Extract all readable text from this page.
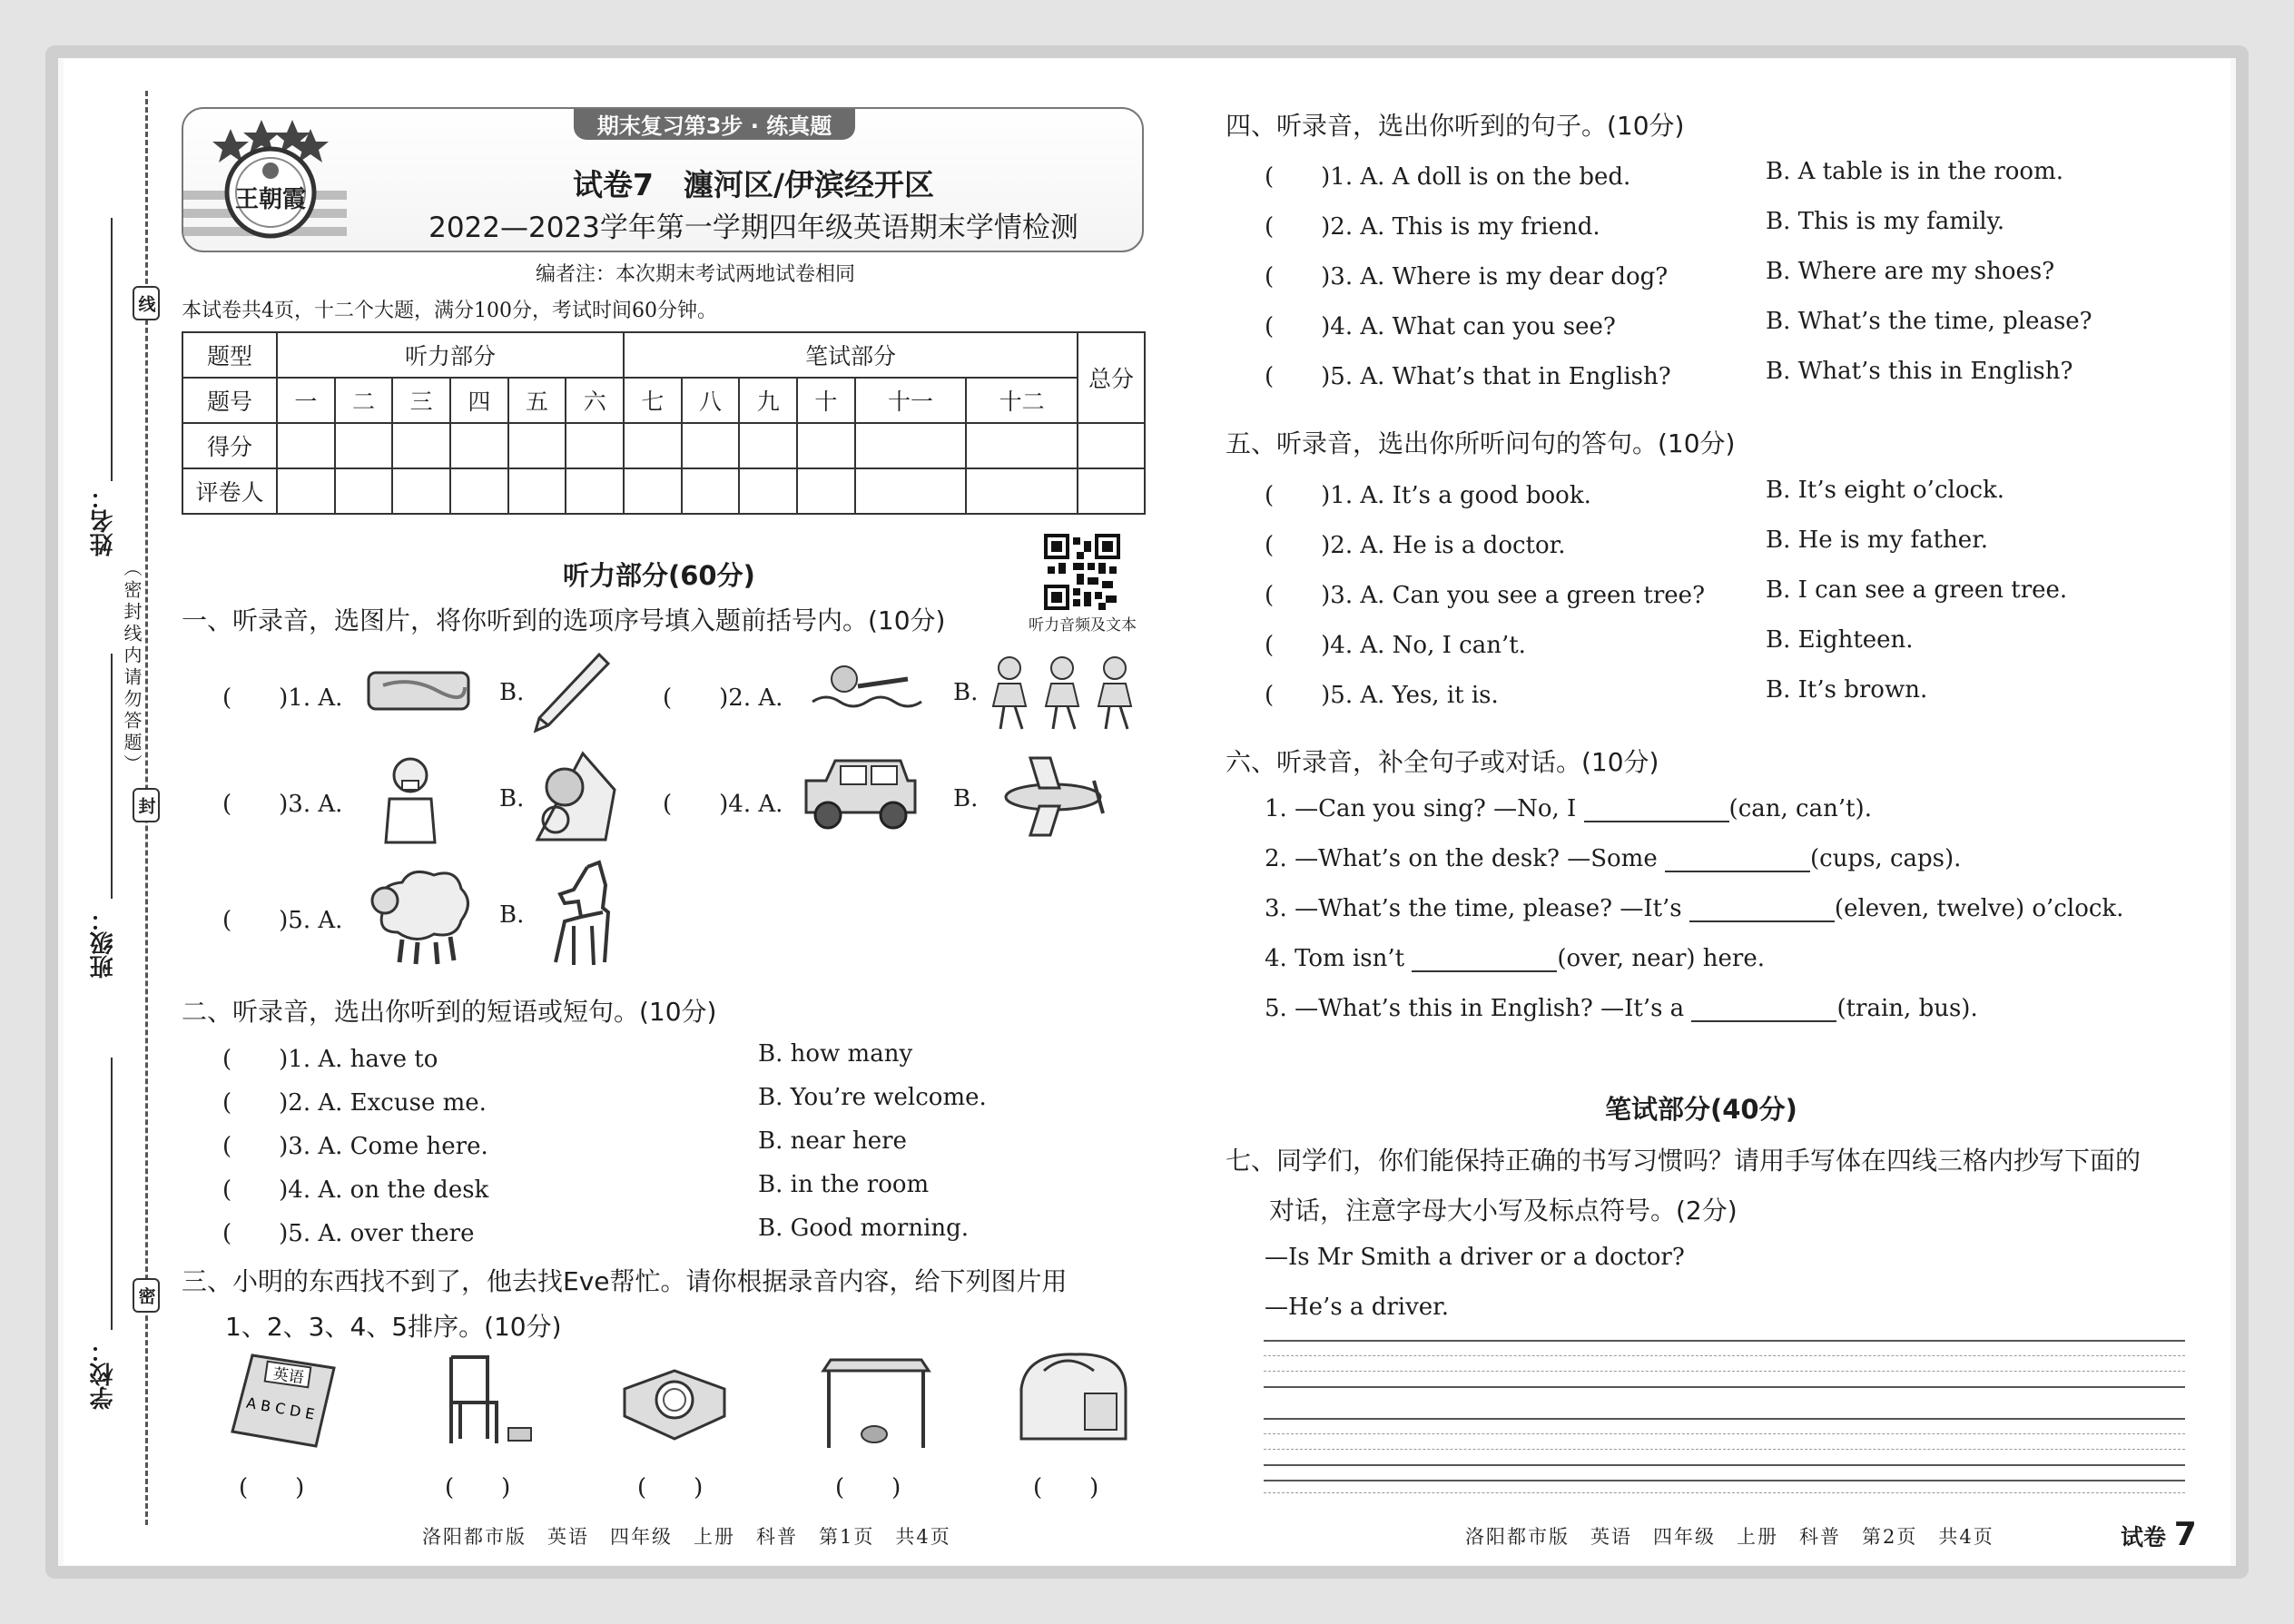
线
封
密
（密封线内请勿答题）
姓名：
班级：
学校：
期末复习第3步 · 练真题
王朝霞	试卷7　瀍河区/伊滨经开区
2022—2023学年第一学期四年级英语期末学情检测
编者注：本次期末考试两地试卷相同
本试卷共4页，十二个大题，满分100分，考试时间60分钟。
题型	听力部分						笔试部分						总分
题号	一	二	三	四	五	六	七	八	九	十	十一	十二	
得分													
评卷人													
听力部分(60分)
听力音频及文本
一、听录音，选图片，将你听到的选项序号填入题前括号内。(10分)
(　　)1. A.	B.	(　　)2. A.	B.
(　　)3. A.	B.	(　　)4. A.	B.
(　　)5. A.	B.
二、听录音，选出你听到的短语或短句。(10分)
(　　)1. A. have to	B. how many
(　　)2. A. Excuse me.	B. You’re welcome.
(　　)3. A. Come here.	B. near here
(　　)4. A. on the desk	B. in the room
(　　)5. A. over there	B. Good morning.
三、小明的东西找不到了，他去找Eve帮忙。请你根据录音内容，给下列图片用
1、2、3、4、5排序。(10分)
英语
A B C D E
(　　)	(　　)	(　　)	(　　)	(　　)
四、听录音，选出你听到的句子。(10分)
(　　)1. A. A doll is on the bed.	B. A table is in the room.
(　　)2. A. This is my friend.	B. This is my family.
(　　)3. A. Where is my dear dog?	B. Where are my shoes?
(　　)4. A. What can you see?	B. What’s the time, please?
(　　)5. A. What’s that in English?	B. What’s this in English?
五、听录音，选出你所听问句的答句。(10分)
(　　)1. A. It’s a good book.	B. It’s eight o’clock.
(　　)2. A. He is a doctor.	B. He is my father.
(　　)3. A. Can you see a green tree?	B. I can see a green tree.
(　　)4. A. No, I can’t.	B. Eighteen.
(　　)5. A. Yes, it is.	B. It’s brown.
六、听录音，补全句子或对话。(10分)
1. —Can you sing? —No, I	(can, can’t).
2. —What’s on the desk? —Some	(cups, caps).
3. —What’s the time, please? —It’s	(eleven, twelve) o’clock.
4. Tom isn’t	(over, near) here.
5. —What’s this in English? —It’s a	(train, bus).
笔试部分(40分)
七、同学们，你们能保持正确的书写习惯吗？请用手写体在四线三格内抄写下面的
对话，注意字母大小写及标点符号。(2分)
—Is Mr Smith a driver or a doctor?
—He’s a driver.
洛阳都市版　英语　四年级　上册　科普　第1页　共4页	洛阳都市版　英语　四年级　上册　科普　第2页　共4页	试卷 7
